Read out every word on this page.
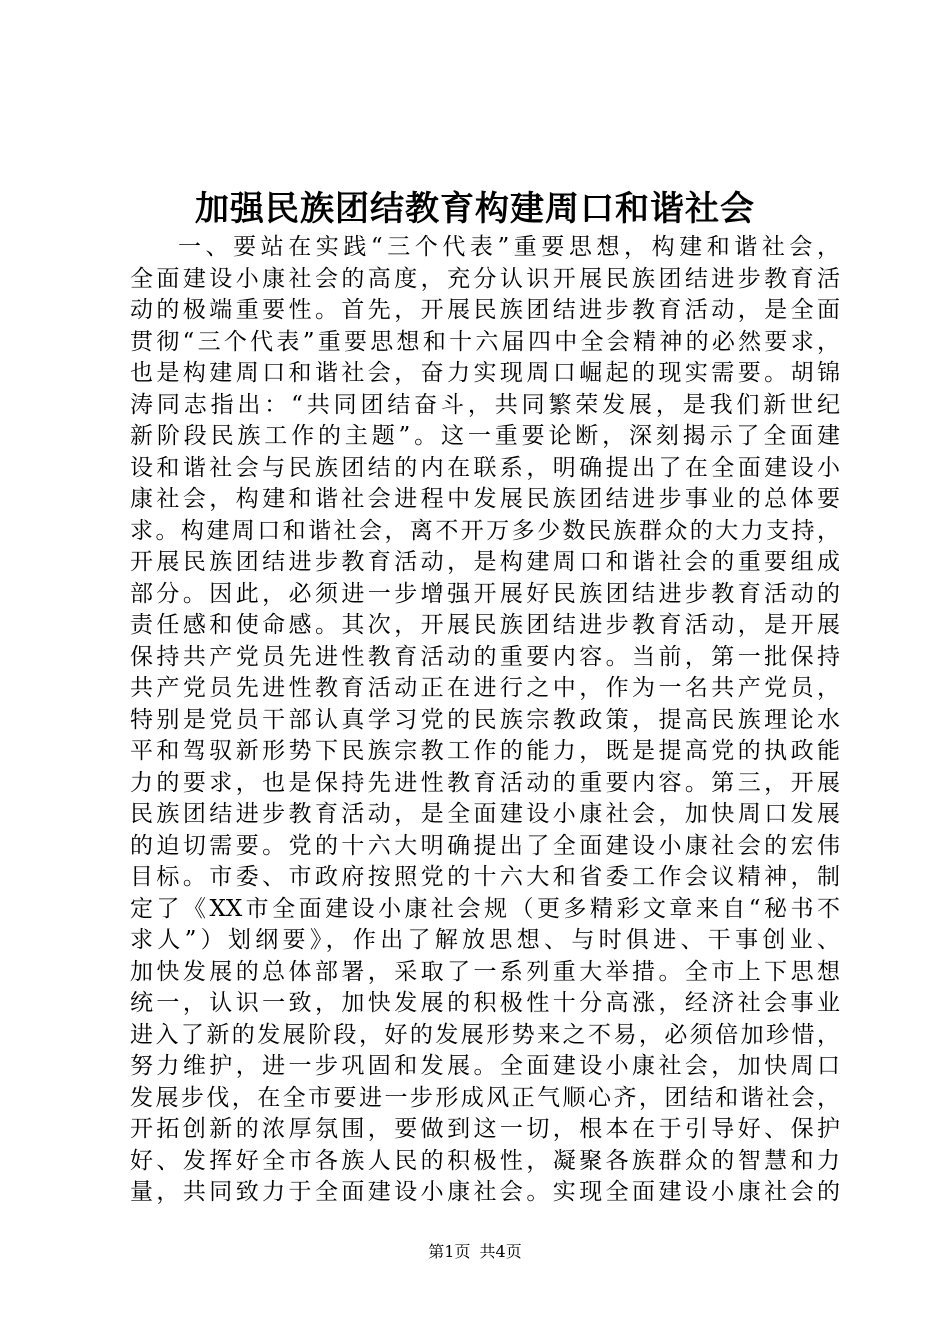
加强民族团结教育构建周口和谐社会
一、要站在实践“三个代表”重要思想，构建和谐社会，
全面建设小康社会的高度，充分认识开展民族团结进步教育活
动的极端重要性。首先，开展民族团结进步教育活动，是全面
贯彻“三个代表”重要思想和十六届四中全会精神的必然要求，
也是构建周口和谐社会，奋力实现周口崛起的现实需要。胡锦
涛同志指出：“共同团结奋斗，共同繁荣发展，是我们新世纪
新阶段民族工作的主题”。这一重要论断，深刻揭示了全面建
设和谐社会与民族团结的内在联系，明确提出了在全面建设小
康社会，构建和谐社会进程中发展民族团结进步事业的总体要
求。构建周口和谐社会，离不开万多少数民族群众的大力支持，
开展民族团结进步教育活动，是构建周口和谐社会的重要组成
部分。因此，必须进一步增强开展好民族团结进步教育活动的
责任感和使命感。其次，开展民族团结进步教育活动，是开展
保持共产党员先进性教育活动的重要内容。当前，第一批保持
共产党员先进性教育活动正在进行之中，作为一名共产党员，
特别是党员干部认真学习党的民族宗教政策，提高民族理论水
平和驾驭新形势下民族宗教工作的能力，既是提高党的执政能
力的要求，也是保持先进性教育活动的重要内容。第三，开展
民族团结进步教育活动，是全面建设小康社会，加快周口发展
的迫切需要。党的十六大明确提出了全面建设小康社会的宏伟
目标。市委、市政府按照党的十六大和省委工作会议精神，制
定了《XX市全面建设小康社会规（更多精彩文章来自“秘书不
求人”）划纲要》，作出了解放思想、与时俱进、干事创业、
加快发展的总体部署，采取了一系列重大举措。全市上下思想
统一，认识一致，加快发展的积极性十分高涨，经济社会事业
进入了新的发展阶段，好的发展形势来之不易，必须倍加珍惜，
努力维护，进一步巩固和发展。全面建设小康社会，加快周口
发展步伐，在全市要进一步形成风正气顺心齐，团结和谐社会，
开拓创新的浓厚氛围，要做到这一切，根本在于引导好、保护
好、发挥好全市各族人民的积极性，凝聚各族群众的智慧和力
量，共同致力于全面建设小康社会。实现全面建设小康社会的
第1页 共4页
